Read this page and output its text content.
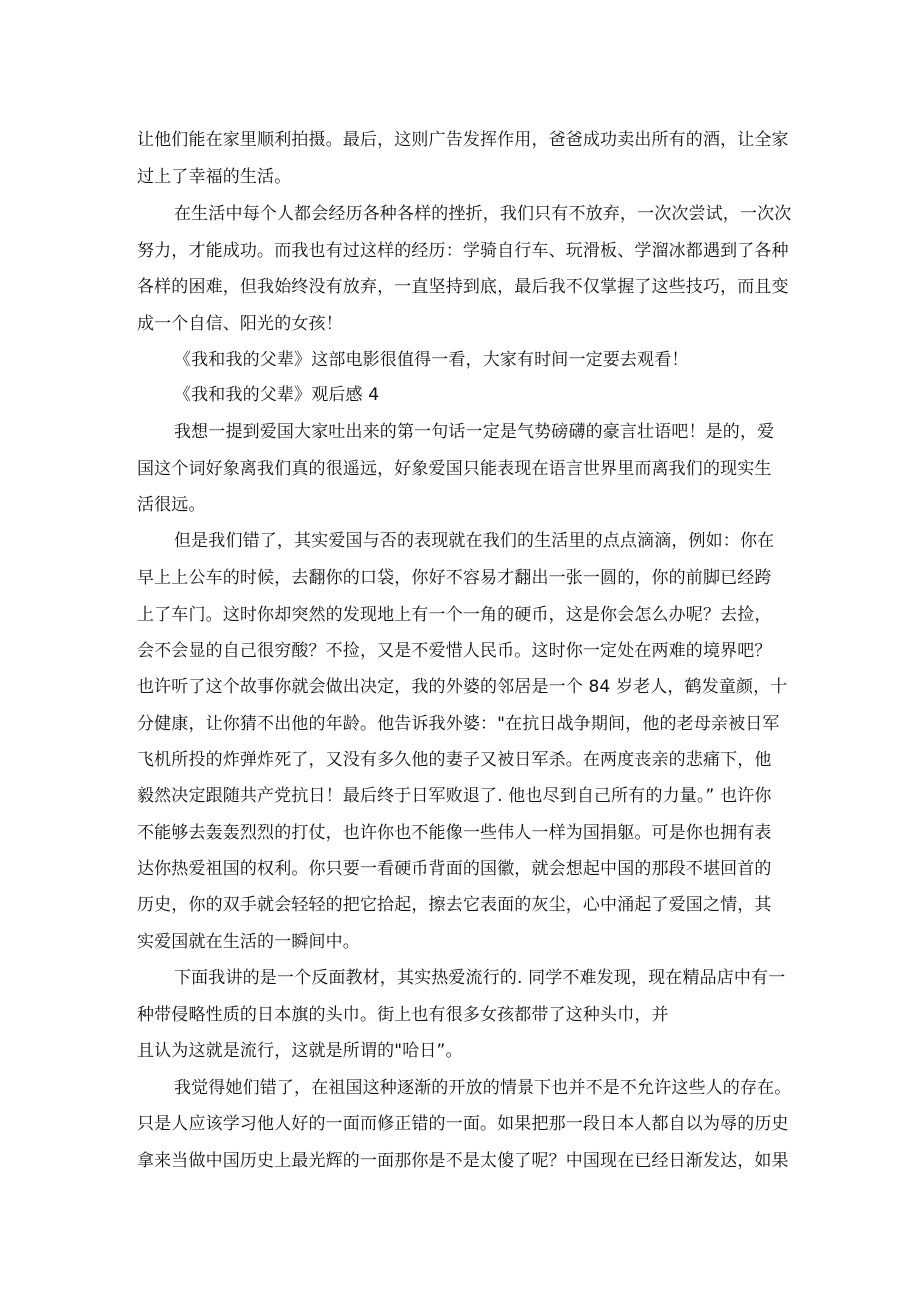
让他们能在家里顺利拍摄。最后，这则广告发挥作用，爸爸成功卖出所有的酒，让全家
过上了幸福的生活。
在生活中每个人都会经历各种各样的挫折，我们只有不放弃，一次次尝试，一次次
努力，才能成功。而我也有过这样的经历：学骑自行车、玩滑板、学溜冰都遇到了各种
各样的困难，但我始终没有放弃，一直坚持到底，最后我不仅掌握了这些技巧，而且变
成一个自信、阳光的女孩！
《我和我的父辈》这部电影很值得一看，大家有时间一定要去观看！
《我和我的父辈》观后感 4
我想一提到爱国大家吐出来的第一句话一定是气势磅礴的豪言壮语吧！是的，爱
国这个词好象离我们真的很遥远，好象爱国只能表现在语言世界里而离我们的现实生
活很远。
但是我们错了，其实爱国与否的表现就在我们的生活里的点点滴滴，例如：你在
早上上公车的时候，去翻你的口袋，你好不容易才翻出一张一圆的，你的前脚已经跨
上了车门。这时你却突然的发现地上有一个一角的硬币，这是你会怎么办呢？去捡，
会不会显的自己很穷酸？不捡，又是不爱惜人民币。这时你一定处在两难的境界吧？
也许听了这个故事你就会做出决定，我的外婆的邻居是一个 84 岁老人，鹤发童颜，十
分健康，让你猜不出他的年龄。他告诉我外婆："在抗日战争期间，他的老母亲被日军
飞机所投的炸弹炸死了，又没有多久他的妻子又被日军杀。在两度丧亲的悲痛下，他
毅然决定跟随共产党抗日！最后终于日军败退了. 他也尽到自己所有的力量。” 也许你
不能够去轰轰烈烈的打仗，也许你也不能像一些伟人一样为国捐躯。可是你也拥有表
达你热爱祖国的权利。你只要一看硬币背面的国徽，就会想起中国的那段不堪回首的
历史，你的双手就会轻轻的把它拾起，擦去它表面的灰尘，心中涌起了爱国之情，其
实爱国就在生活的一瞬间中。
下面我讲的是一个反面教材，其实热爱流行的. 同学不难发现，现在精品店中有一
种带侵略性质的日本旗的头巾。街上也有很多女孩都带了这种头巾，并
且认为这就是流行，这就是所谓的"哈日”。
我觉得她们错了，在祖国这种逐渐的开放的情景下也并不是不允许这些人的存在。
只是人应该学习他人好的一面而修正错的一面。如果把那一段日本人都自以为辱的历史
拿来当做中国历史上最光辉的一面那你是不是太傻了呢？中国现在已经日渐发达，如果
